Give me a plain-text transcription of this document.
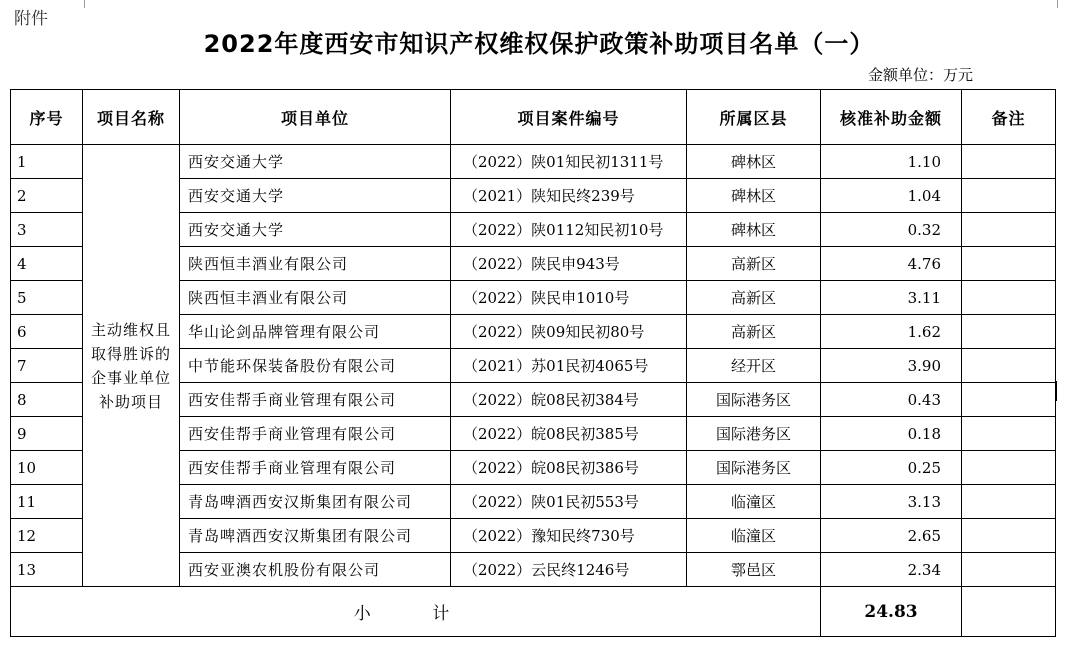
附件
2022年度西安市知识产权维权保护政策补助项目名单（一）
金额单位：万元
序号	项目名称	项目单位	项目案件编号	所属区县	核准补助金额	备注
1	主动维权且取得胜诉的企事业单位补助项目	西安交通大学	（2022）陕01知民初1311号	碑林区	1.10	
2		西安交通大学	（2021）陕知民终239号	碑林区	1.04	
3		西安交通大学	（2022）陕0112知民初10号	碑林区	0.32	
4		陕西恒丰酒业有限公司	（2022）陕民申943号	高新区	4.76	
5		陕西恒丰酒业有限公司	（2022）陕民申1010号	高新区	3.11	
6		华山论剑品牌管理有限公司	（2022）陕09知民初80号	高新区	1.62	
7		中节能环保装备股份有限公司	（2021）苏01民初4065号	经开区	3.90	
8		西安佳帮手商业管理有限公司	（2022）皖08民初384号	国际港务区	0.43	
9		西安佳帮手商业管理有限公司	（2022）皖08民初385号	国际港务区	0.18	
10		西安佳帮手商业管理有限公司	（2022）皖08民初386号	国际港务区	0.25	
11		青岛啤酒西安汉斯集团有限公司	（2022）陕01民初553号	临潼区	3.13	
12		青岛啤酒西安汉斯集团有限公司	（2022）豫知民终730号	临潼区	2.65	
13		西安亚澳农机股份有限公司	（2022）云民终1246号	鄠邑区	2.34	
小 计					24.83	
